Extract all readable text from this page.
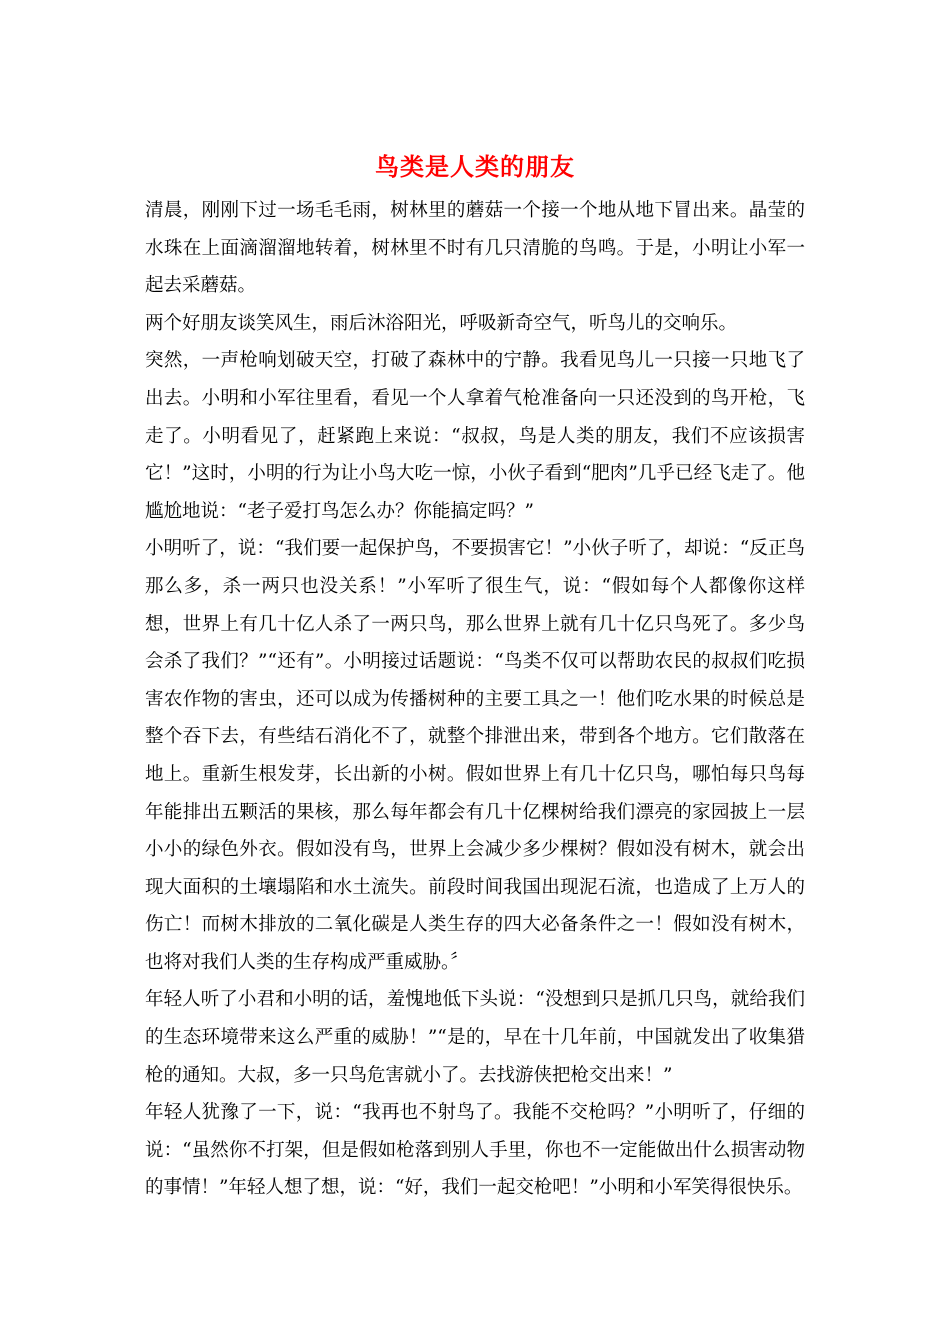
鸟类是人类的朋友

清晨，刚刚下过一场毛毛雨，树林里的蘑菇一个接一个地从地下冒出来。晶莹的水珠在上面滴溜溜地转着，树林里不时有几只清脆的鸟鸣。于是，小明让小军一起去采蘑菇。

两个好朋友谈笑风生，雨后沐浴阳光，呼吸新奇空气，听鸟儿的交响乐。

突然，一声枪响划破天空，打破了森林中的宁静。我看见鸟儿一只接一只地飞了出去。小明和小军往里看，看见一个人拿着气枪准备向一只还没到的鸟开枪，飞走了。小明看见了，赶紧跑上来说：“叔叔，鸟是人类的朋友，我们不应该损害它！”这时，小明的行为让小鸟大吃一惊，小伙子看到“肥肉”几乎已经飞走了。他尴尬地说：“老子爱打鸟怎么办？你能搞定吗？”

小明听了，说：“我们要一起保护鸟，不要损害它！”小伙子听了，却说：“反正鸟那么多，杀一两只也没关系！”小军听了很生气，说：“假如每个人都像你这样想，世界上有几十亿人杀了一两只鸟，那么世界上就有几十亿只鸟死了。多少鸟会杀了我们？”“还有”。小明接过话题说：“鸟类不仅可以帮助农民的叔叔们吃损害农作物的害虫，还可以成为传播树种的主要工具之一！他们吃水果的时候总是整个吞下去，有些结石消化不了，就整个排泄出来，带到各个地方。它们散落在地上。重新生根发芽，长出新的小树。假如世界上有几十亿只鸟，哪怕每只鸟每年能排出五颗活的果核，那么每年都会有几十亿棵树给我们漂亮的家园披上一层小小的绿色外衣。假如没有鸟，世界上会减少多少棵树？假如没有树木，就会出现大面积的土壤塌陷和水土流失。前段时间我国出现泥石流，也造成了上万人的伤亡！而树木排放的二氧化碳是人类生存的四大必备条件之一！假如没有树木，也将对我们人类的生存构成严重威胁。〞

年轻人听了小君和小明的话，羞愧地低下头说：“没想到只是抓几只鸟，就给我们的生态环境带来这么严重的威胁！”“是的，早在十几年前，中国就发出了收集猎枪的通知。大叔，多一只鸟危害就小了。去找游侠把枪交出来！”

年轻人犹豫了一下，说：“我再也不射鸟了。我能不交枪吗？”小明听了，仔细的说：“虽然你不打架，但是假如枪落到别人手里，你也不一定能做出什么损害动物的事情！”年轻人想了想，说：“好，我们一起交枪吧！”小明和小军笑得很快乐。
